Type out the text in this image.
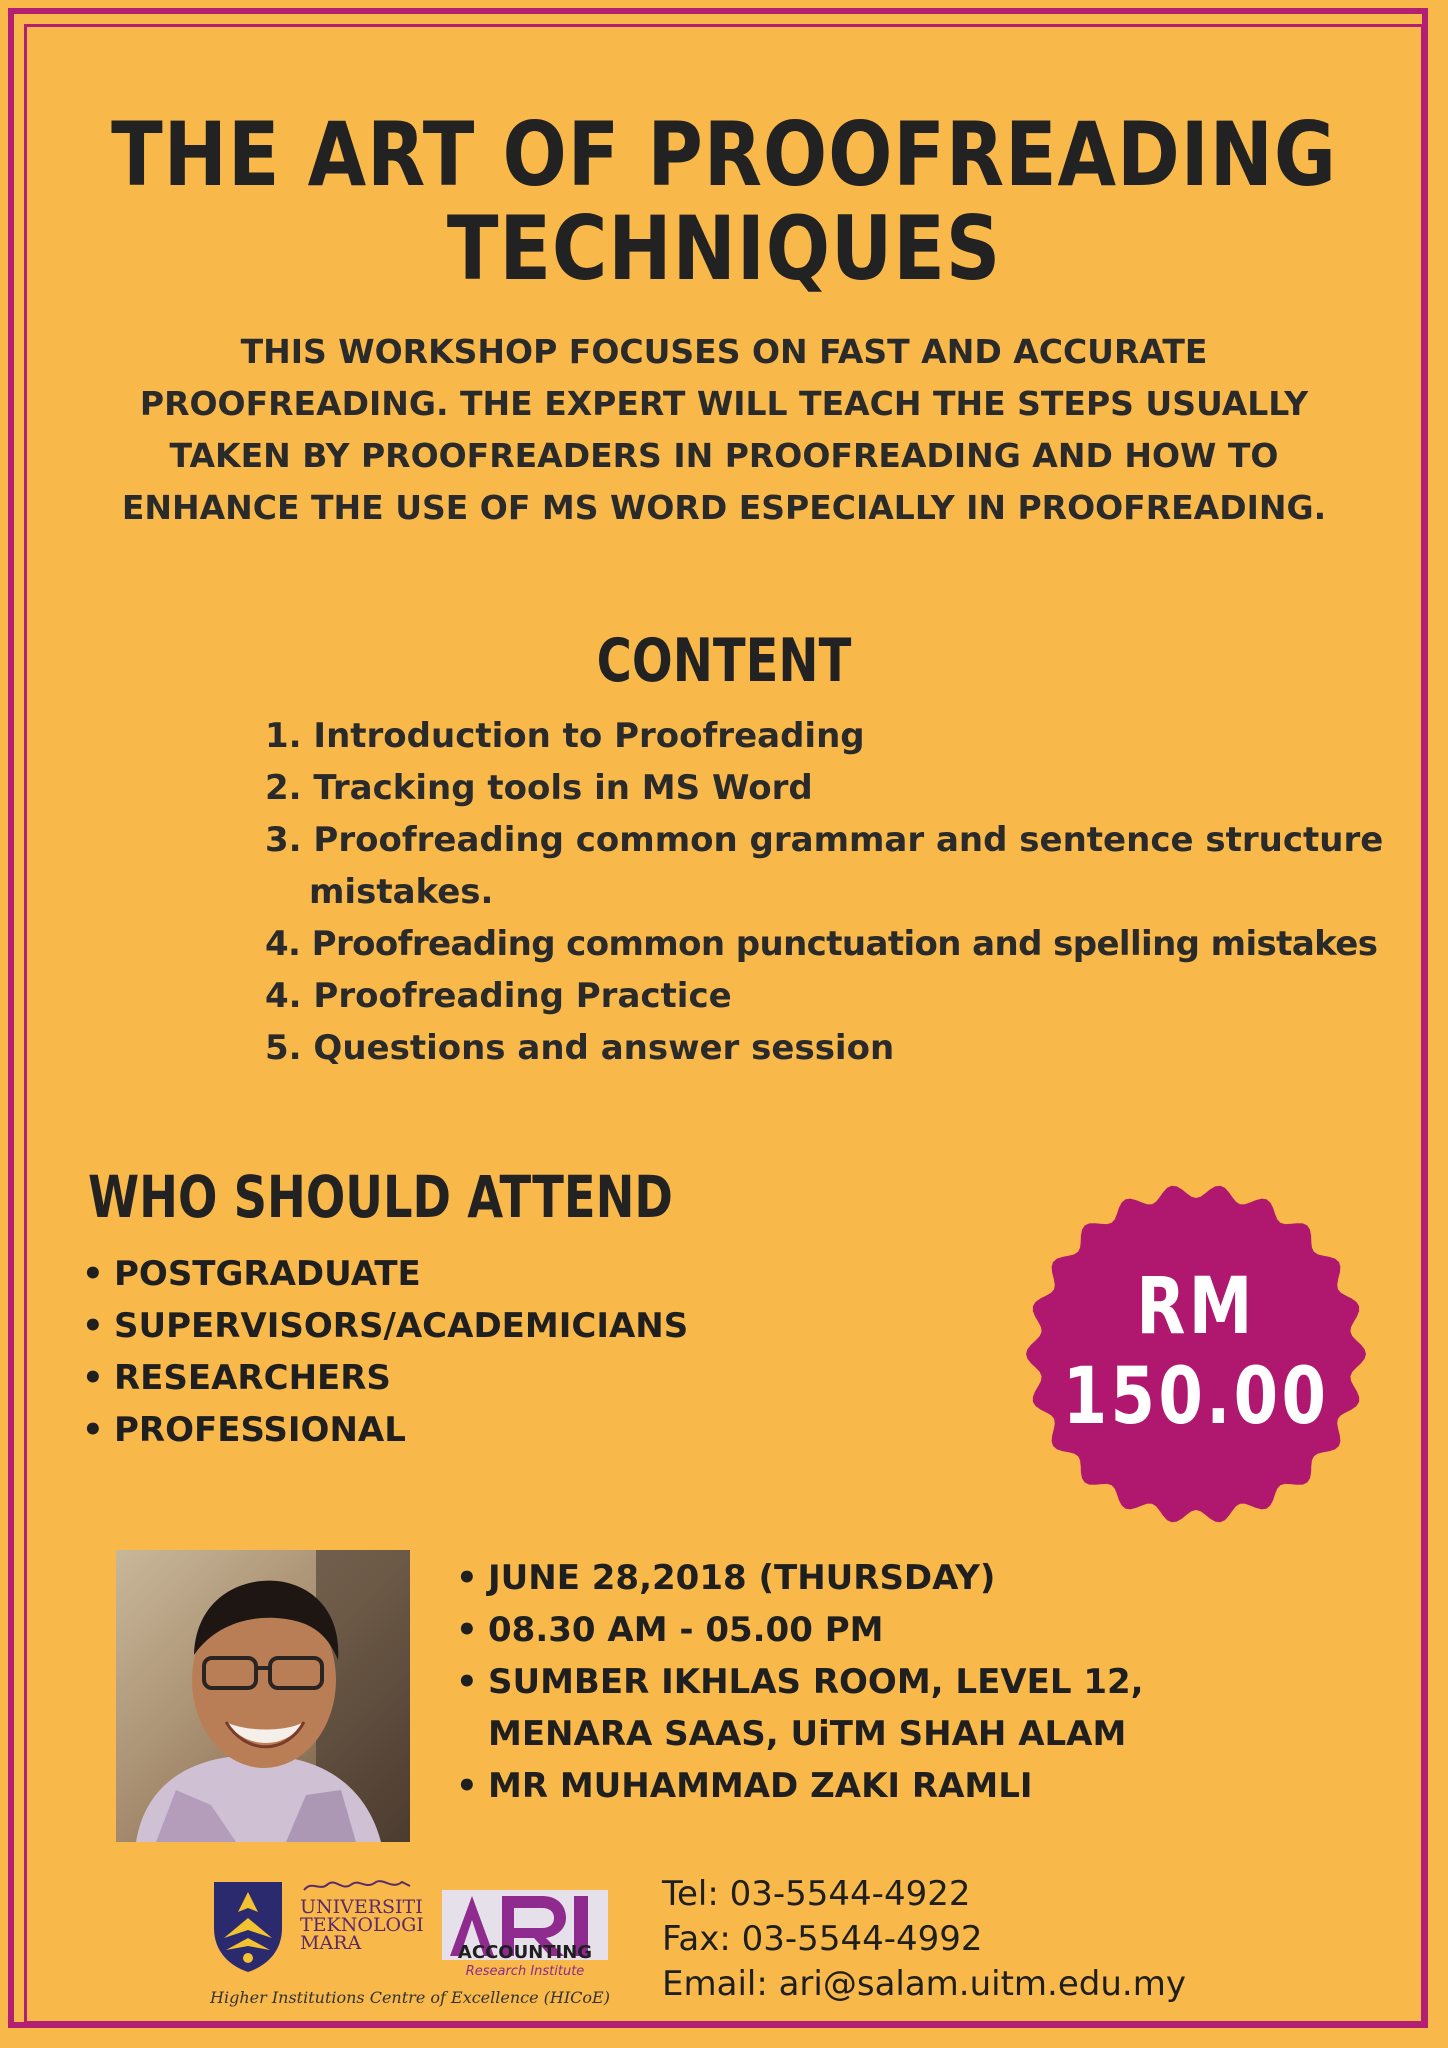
THE ART OF PROOFREADING
TECHNIQUES

THIS WORKSHOP FOCUSES ON FAST AND ACCURATE PROOFREADING. THE EXPERT WILL TEACH THE STEPS USUALLY TAKEN BY PROOFREADERS IN PROOFREADING AND HOW TO ENHANCE THE USE OF MS WORD ESPECIALLY IN PROOFREADING.

CONTENT
1. Introduction to Proofreading
2. Tracking tools in MS Word
3. Proofreading common grammar and sentence structure
mistakes.
4. Proofreading common punctuation and spelling mistakes
4. Proofreading Practice
5. Questions and answer session
WHO SHOULD ATTEND
• POSTGRADUATE
• SUPERVISORS/ACADEMICIANS
• RESEARCHERS
• PROFESSIONAL
RM
150.00
• JUNE 28,2018 (THURSDAY)
• 08.30 AM - 05.00 PM
• SUMBER IKHLAS ROOM, LEVEL 12,
MENARA SAAS, UiTM SHAH ALAM
• MR MUHAMMAD ZAKI RAMLI
UNIVERSITI
TEKNOLOGI
MARA	ACCOUNTING
Research Institute
Higher Institutions Centre of Excellence (HICoE)
Tel: 03-5544-4922
Fax: 03-5544-4992
Email: ari@salam.uitm.edu.my
